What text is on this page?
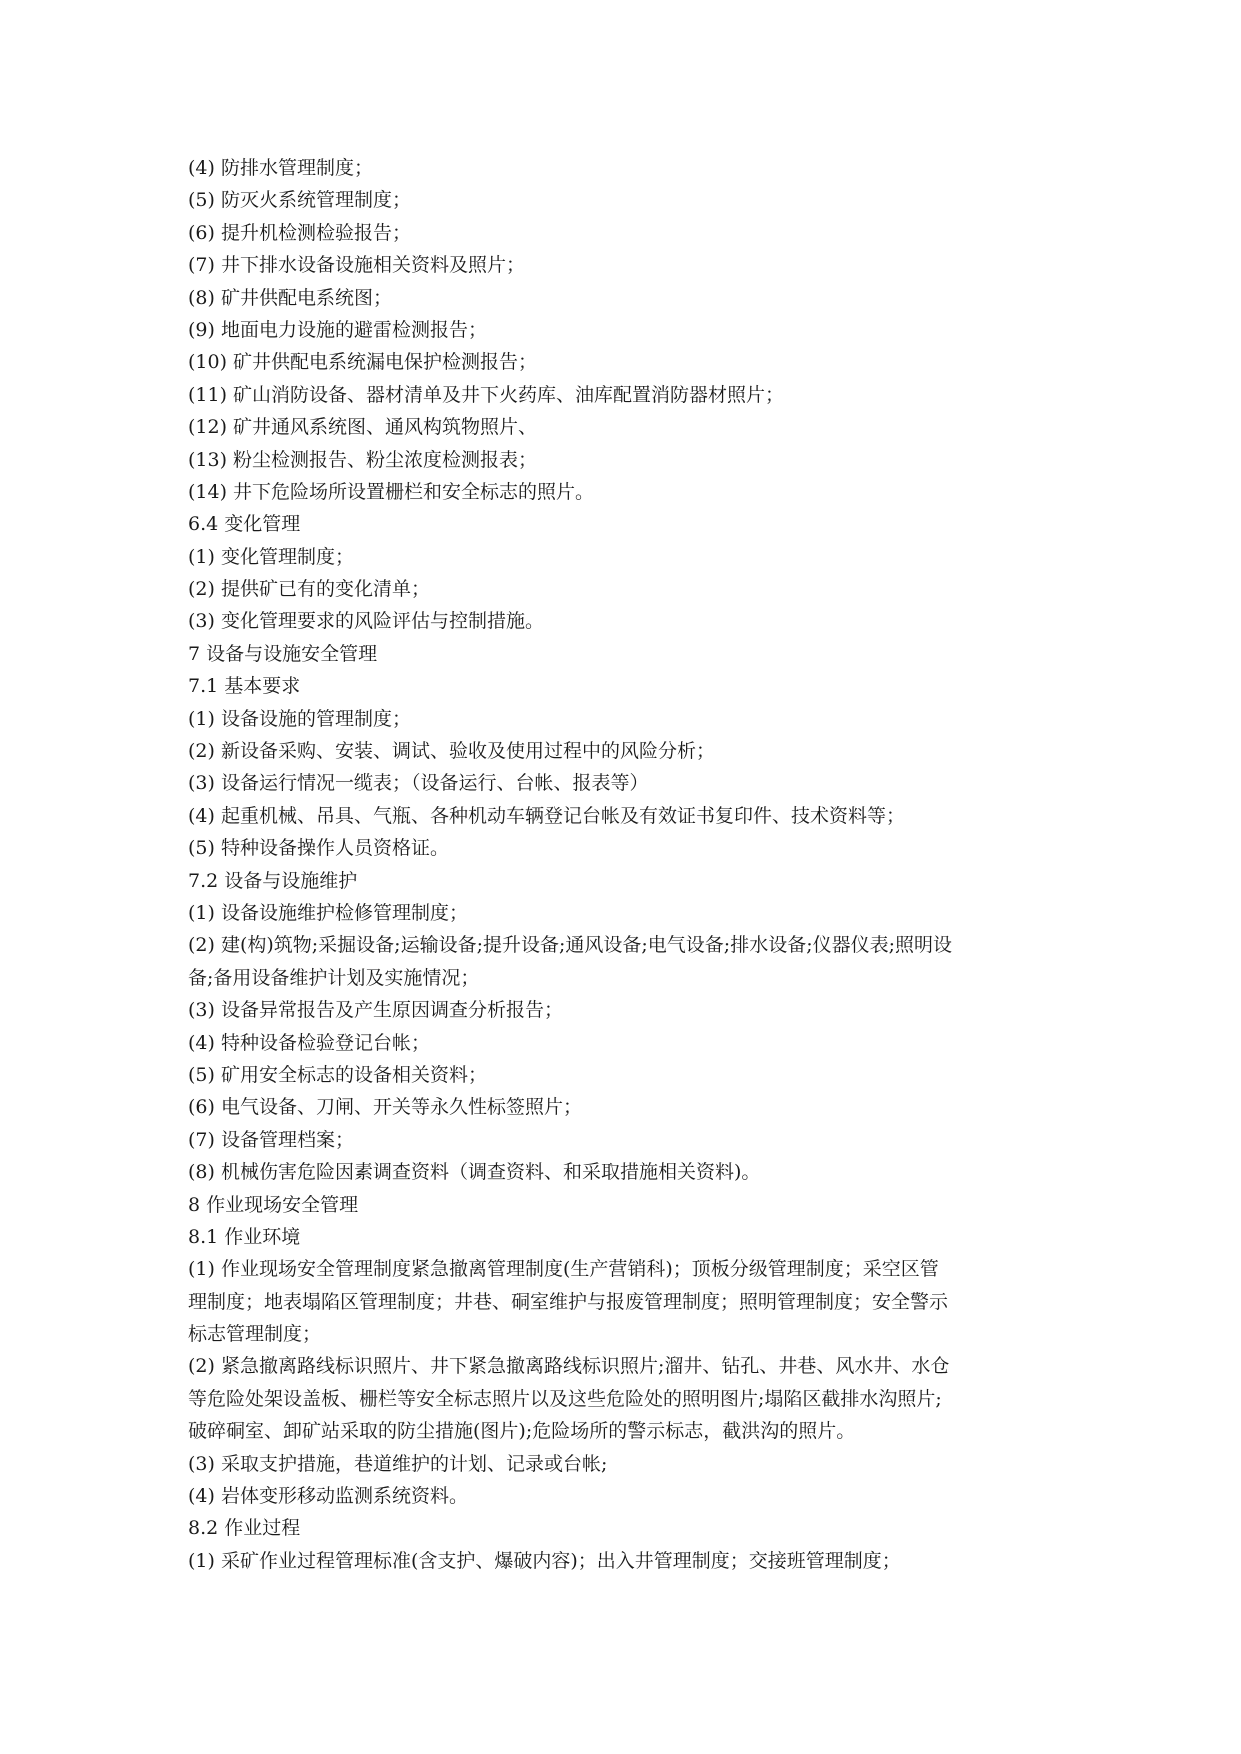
(4) 防排水管理制度；
(5) 防灭火系统管理制度；
(6) 提升机检测检验报告；
(7) 井下排水设备设施相关资料及照片；
(8) 矿井供配电系统图；
(9) 地面电力设施的避雷检测报告；
(10) 矿井供配电系统漏电保护检测报告；
(11) 矿山消防设备、器材清单及井下火药库、油库配置消防器材照片；
(12) 矿井通风系统图、通风构筑物照片、
(13) 粉尘检测报告、粉尘浓度检测报表；
(14) 井下危险场所设置栅栏和安全标志的照片。
6.4 变化管理
(1) 变化管理制度；
(2) 提供矿已有的变化清单；
(3) 变化管理要求的风险评估与控制措施。
7 设备与设施安全管理
7.1 基本要求
(1) 设备设施的管理制度；
(2) 新设备采购、安装、调试、验收及使用过程中的风险分析；
(3) 设备运行情况一缆表；（设备运行、台帐、报表等）
(4) 起重机械、吊具、气瓶、各种机动车辆登记台帐及有效证书复印件、技术资料等；
(5) 特种设备操作人员资格证。
7.2 设备与设施维护
(1) 设备设施维护检修管理制度；
(2) 建(构)筑物;采掘设备;运输设备;提升设备;通风设备;电气设备;排水设备;仪器仪表;照明设
备;备用设备维护计划及实施情况；
(3) 设备异常报告及产生原因调查分析报告；
(4) 特种设备检验登记台帐；
(5) 矿用安全标志的设备相关资料；
(6) 电气设备、刀闸、开关等永久性标签照片；
(7) 设备管理档案；
(8) 机械伤害危险因素调查资料（调查资料、和采取措施相关资料)。
8 作业现场安全管理
8.1 作业环境
(1) 作业现场安全管理制度紧急撤离管理制度(生产营销科)；顶板分级管理制度；采空区管
理制度；地表塌陷区管理制度；井巷、硐室维护与报废管理制度；照明管理制度；安全警示
标志管理制度；
(2) 紧急撤离路线标识照片、井下紧急撤离路线标识照片;溜井、钻孔、井巷、风水井、水仓
等危险处架设盖板、栅栏等安全标志照片以及这些危险处的照明图片;塌陷区截排水沟照片;
破碎硐室、卸矿站采取的防尘措施(图片);危险场所的警示标志，截洪沟的照片。
(3) 采取支护措施，巷道维护的计划、记录或台帐;
(4) 岩体变形移动监测系统资料。
8.2 作业过程
(1) 采矿作业过程管理标准(含支护、爆破内容)；出入井管理制度；交接班管理制度；
